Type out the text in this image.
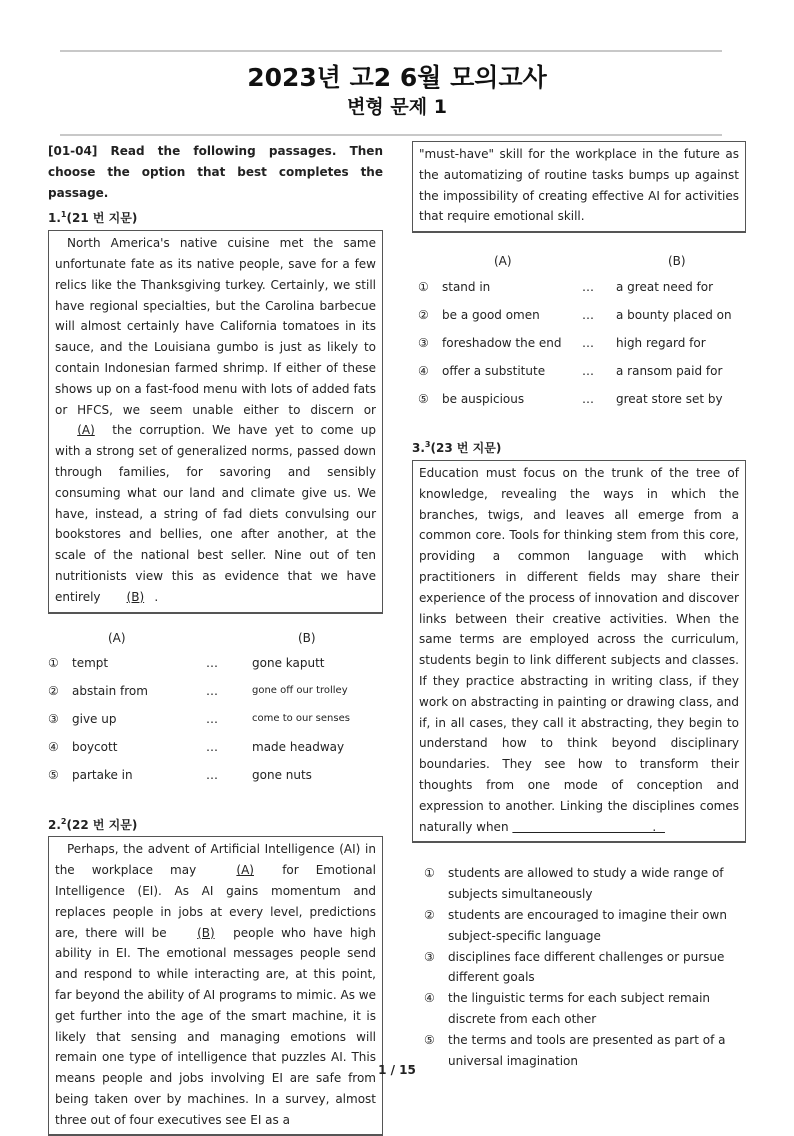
2023년 고2 6월 모의고사
변형 문제 1
[01-04] Read the following passages. Then choose the option that best completes the passage.
1.$^1$(21 번 지문)
North America's native cuisine met the same unfortunate fate as its native people, save for a few relics like the Thanksgiving turkey. Certainly, we still have regional specialties, but the Carolina barbecue will almost certainly have California tomatoes in its sauce, and the Louisiana gumbo is just as likely to contain Indonesian farmed shrimp. If either of these shows up on a fast-food menu with lots of added fats or HFCS, we seem unable either to discern or (A) the corruption. We have yet to come up with a strong set of generalized norms, passed down through families, for savoring and sensibly consuming what our land and climate give us. We have, instead, a string of fad diets convulsing our bookstores and bellies, one after another, at the scale of the national best seller. Nine out of ten nutritionists view this as evidence that we have entirely (B) .
(A)	(B)
①	tempt	…	gone kaputt
②	abstain from	…	gone off our trolley
③	give up	…	come to our senses
④	boycott	…	made headway
⑤	partake in	…	gone nuts
2.$^2$(22 번 지문)
Perhaps, the advent of Artificial Intelligence (AI) in the workplace may (A) for Emotional Intelligence (EI). As AI gains momentum and replaces people in jobs at every level, predictions are, there will be (B) people who have high ability in EI. The emotional messages people send and respond to while interacting are, at this point, far beyond the ability of AI programs to mimic. As we get further into the age of the smart machine, it is likely that sensing and managing emotions will remain one type of intelligence that puzzles AI. This means people and jobs involving EI are safe from being taken over by machines. In a survey, almost three out of four executives see EI as a
"must-have" skill for the workplace in the future as the automatizing of routine tasks bumps up against the impossibility of creating effective AI for activities that require emotional skill.
(A)	(B)
①	stand in	…	a great need for
②	be a good omen	…	a bounty placed on
③	foreshadow the end	…	high regard for
④	offer a substitute	…	a ransom paid for
⑤	be auspicious	…	great store set by
3.$^3$(23 번 지문)
Education must focus on the trunk of the tree of knowledge, revealing the ways in which the branches, twigs, and leaves all emerge from a common core. Tools for thinking stem from this core, providing a common language with which practitioners in different fields may share their experience of the process of innovation and discover links between their creative activities. When the same terms are employed across the curriculum, students begin to link different subjects and classes. If they practice abstracting in writing class, if they work on abstracting in painting or drawing class, and if, in all cases, they call it abstracting, they begin to understand how to think beyond disciplinary boundaries. They see how to transform their thoughts from one mode of conception and expression to another. Linking the disciplines comes naturally when	.
①	students are allowed to study a wide range of subjects simultaneously
②	students are encouraged to imagine their own subject-specific language
③	disciplines face different challenges or pursue different goals
④	the linguistic terms for each subject remain discrete from each other
⑤	the terms and tools are presented as part of a universal imagination
1 / 15
